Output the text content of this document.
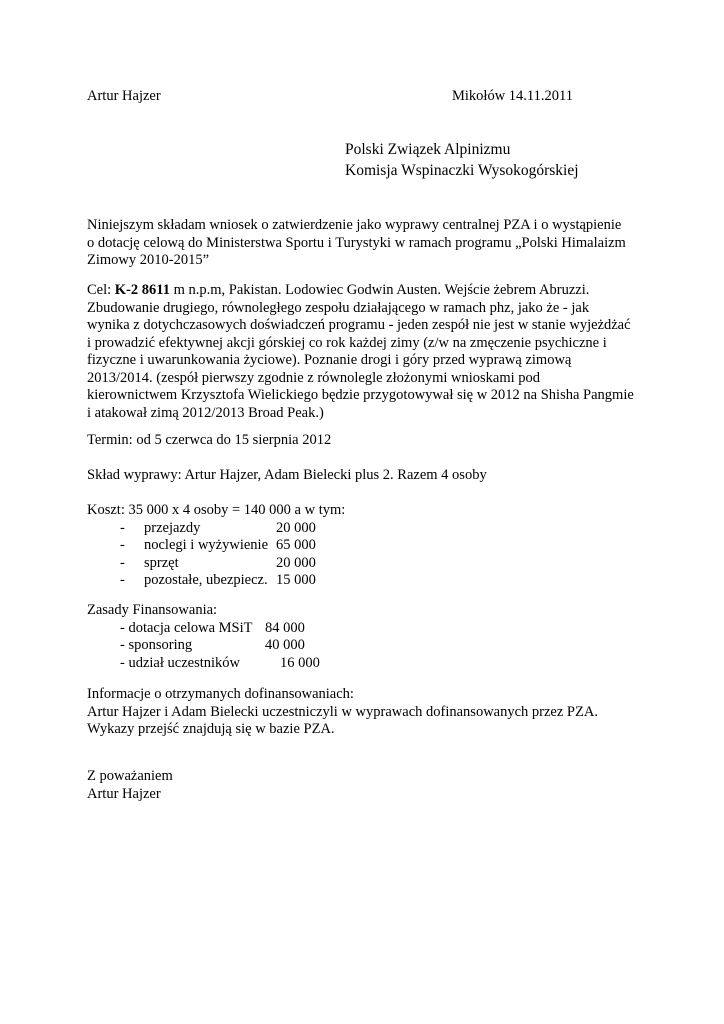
Artur Hajzer	Mikołów 14.11.2011
Polski Związek Alpinizmu
Komisja Wspinaczki Wysokogórskiej
Niniejszym składam wniosek o zatwierdzenie jako wyprawy centralnej PZA i o wystąpienie
o dotację celową do Ministerstwa Sportu i Turystyki w ramach programu „Polski Himalaizm
Zimowy 2010-2015”
Cel: K-2 8611 m n.p.m, Pakistan. Lodowiec Godwin Austen. Wejście żebrem Abruzzi.
Zbudowanie drugiego, równoległego zespołu działającego w ramach phz, jako że - jak
wynika z dotychczasowych doświadczeń programu - jeden zespół nie jest w stanie wyjeżdżać
i prowadzić efektywnej akcji górskiej co rok każdej zimy (z/w na zmęczenie psychiczne i
fizyczne i uwarunkowania życiowe). Poznanie drogi i góry przed wyprawą zimową
2013/2014. (zespół pierwszy zgodnie z równolegle złożonymi wnioskami pod
kierownictwem Krzysztofa Wielickiego będzie przygotowywał się w 2012 na Shisha Pangmie
i atakował zimą 2012/2013 Broad Peak.)
Termin: od 5 czerwca do 15 sierpnia 2012
Skład wyprawy: Artur Hajzer, Adam Bielecki plus 2. Razem 4 osoby
Koszt: 35 000 x 4 osoby = 140 000 a w tym:
- przejazdy	20 000
- noclegi i wyżywienie 65 000
- sprzęt	20 000
- pozostałe, ubezpiecz. 15 000
Zasady Finansowania:
- dotacja celowa MSiT 84 000
- sponsoring	40 000
- udział uczestników	16 000
Informacje o otrzymanych dofinansowaniach:
Artur Hajzer i Adam Bielecki uczestniczyli w wyprawach dofinansowanych przez PZA.
Wykazy przejść znajdują się w bazie PZA.
Z poważaniem
Artur Hajzer
